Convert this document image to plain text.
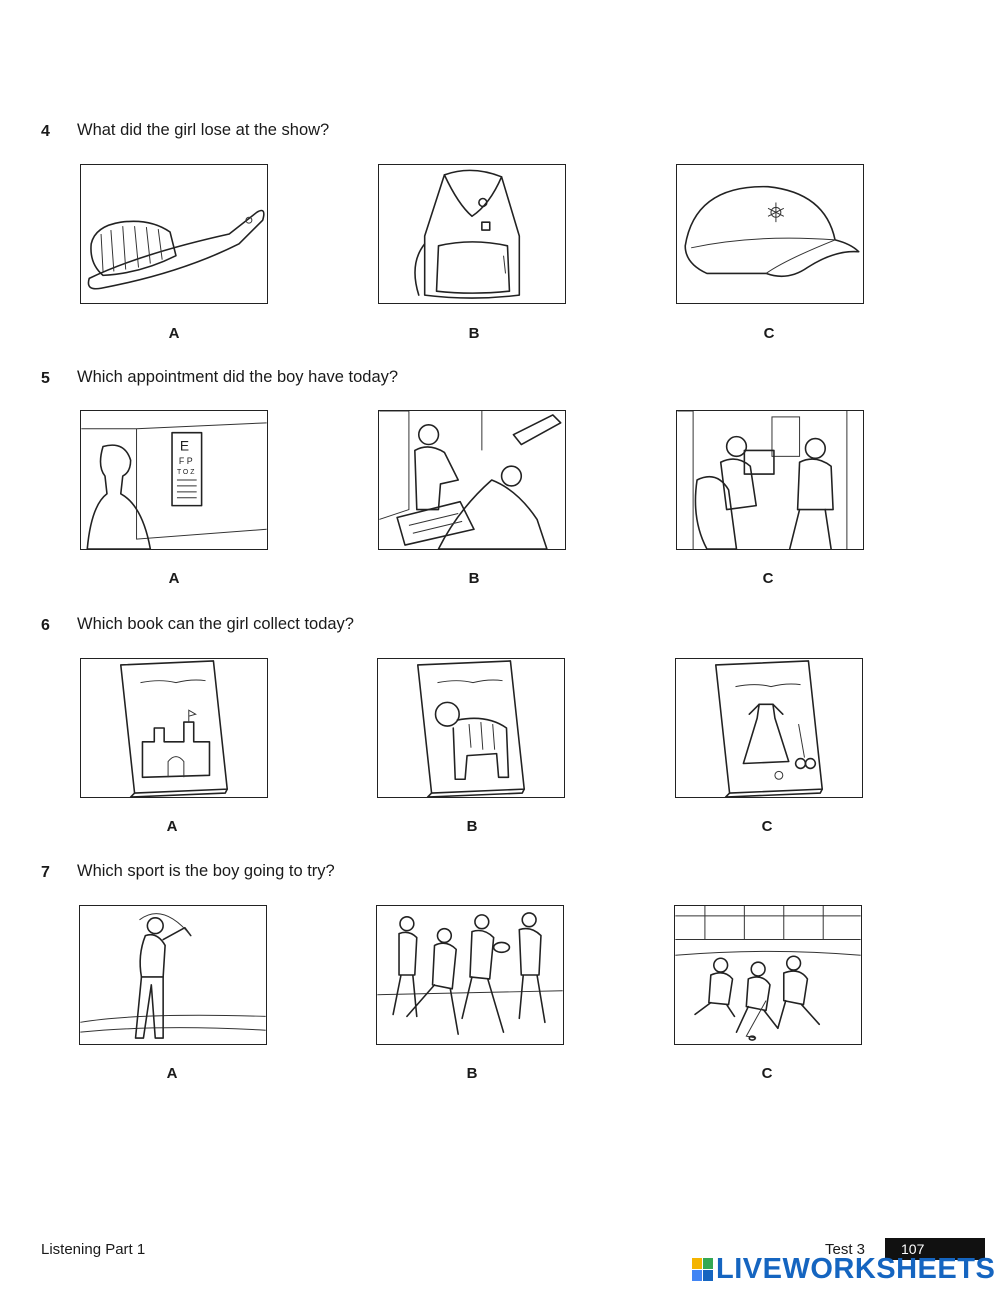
4 What did the girl lose at the show?
A	B	C
5 Which appointment did the boy have today?
E
F P
T O Z
A	B	C
6 Which book can the girl collect today?
A	B	C
7 Which sport is the boy going to try?
A	B	C
Listening Part 1	Test 3	107
LIVEWORKSHEETS
